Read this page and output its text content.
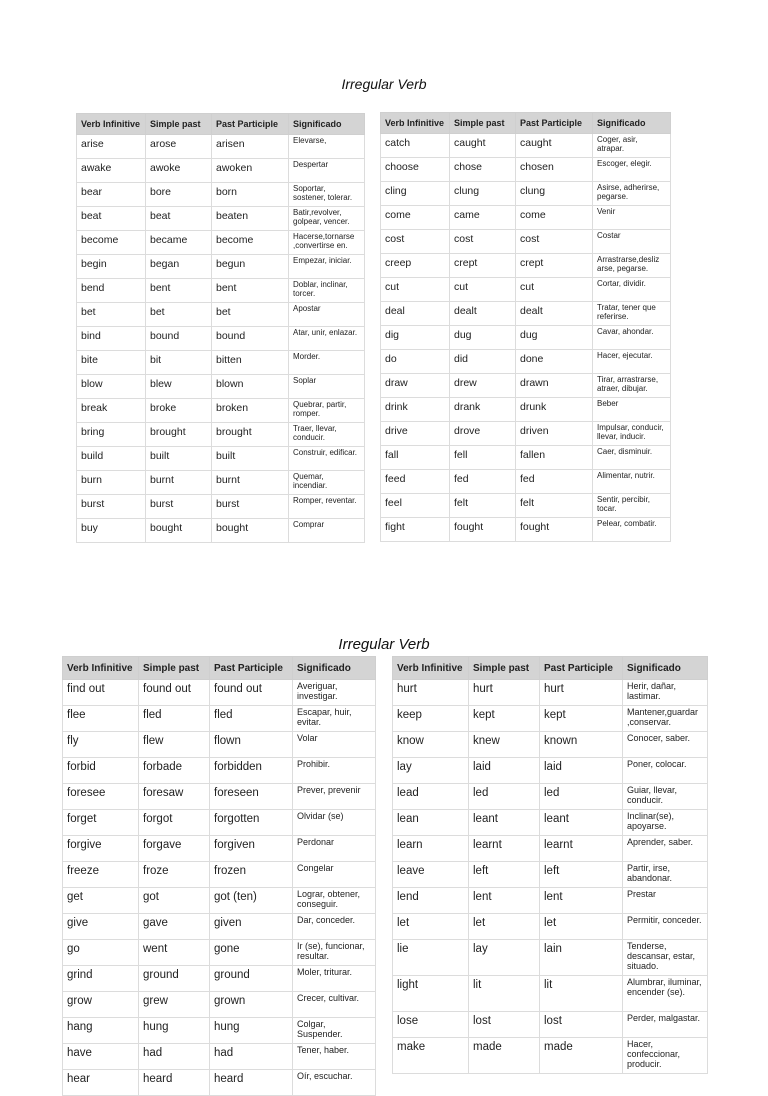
Irregular Verb
Irregular Verb
Verb Infinitive	Simple past	Past Participle	Significado
arise	arose	arisen	Elevarse,
awake	awoke	awoken	Despertar
bear	bore	born	Soportar, sostener, tolerar.
beat	beat	beaten	Batir,revolver, golpear, vencer.
become	became	become	Hacerse,tornarse ,convertirse en.
begin	began	begun	Empezar, iniciar.
bend	bent	bent	Doblar, inclinar, torcer.
bet	bet	bet	Apostar
bind	bound	bound	Atar, unir, enlazar.
bite	bit	bitten	Morder.
blow	blew	blown	Soplar
break	broke	broken	Quebrar, partir, romper.
bring	brought	brought	Traer, llevar, conducir.
build	built	built	Construir, edificar.
burn	burnt	burnt	Quemar, incendiar.
burst	burst	burst	Romper, reventar.
buy	bought	bought	Comprar
Verb Infinitive	Simple past	Past Participle	Significado
catch	caught	caught	Coger, asir, atrapar.
choose	chose	chosen	Escoger, elegir.
cling	clung	clung	Asirse, adherirse, pegarse.
come	came	come	Venir
cost	cost	cost	Costar
creep	crept	crept	Arrastrarse,desliz arse, pegarse.
cut	cut	cut	Cortar, dividir.
deal	dealt	dealt	Tratar, tener que referirse.
dig	dug	dug	Cavar, ahondar.
do	did	done	Hacer, ejecutar.
draw	drew	drawn	Tirar, arrastrarse, atraer, dibujar.
drink	drank	drunk	Beber
drive	drove	driven	Impulsar, conducir, llevar, inducir.
fall	fell	fallen	Caer, disminuir.
feed	fed	fed	Alimentar, nutrir.
feel	felt	felt	Sentir, percibir, tocar.
fight	fought	fought	Pelear, combatir.
Verb Infinitive	Simple past	Past Participle	Significado
find out	found out	found out	Averiguar, investigar.
flee	fled	fled	Escapar, huir, evitar.
fly	flew	flown	Volar
forbid	forbade	forbidden	Prohibir.
foresee	foresaw	foreseen	Prever, prevenir
forget	forgot	forgotten	Olvidar (se)
forgive	forgave	forgiven	Perdonar
freeze	froze	frozen	Congelar
get	got	got (ten)	Lograr, obtener, conseguir.
give	gave	given	Dar, conceder.
go	went	gone	Ir (se), funcionar, resultar.
grind	ground	ground	Moler, triturar.
grow	grew	grown	Crecer, cultivar.
hang	hung	hung	Colgar, Suspender.
have	had	had	Tener, haber.
hear	heard	heard	Oír, escuchar.
Verb Infinitive	Simple past	Past Participle	Significado
hurt	hurt	hurt	Herir, dañar, lastimar.
keep	kept	kept	Mantener,guardar ,conservar.
know	knew	known	Conocer, saber.
lay	laid	laid	Poner, colocar.
lead	led	led	Guiar, llevar, conducir.
lean	leant	leant	Inclinar(se), apoyarse.
learn	learnt	learnt	Aprender, saber.
leave	left	left	Partir, irse, abandonar.
lend	lent	lent	Prestar
let	let	let	Permitir, conceder.
lie	lay	lain	Tenderse, descansar, estar, situado.
light	lit	lit	Alumbrar, iluminar, encender (se).
lose	lost	lost	Perder, malgastar.
make	made	made	Hacer, confeccionar, producir.
